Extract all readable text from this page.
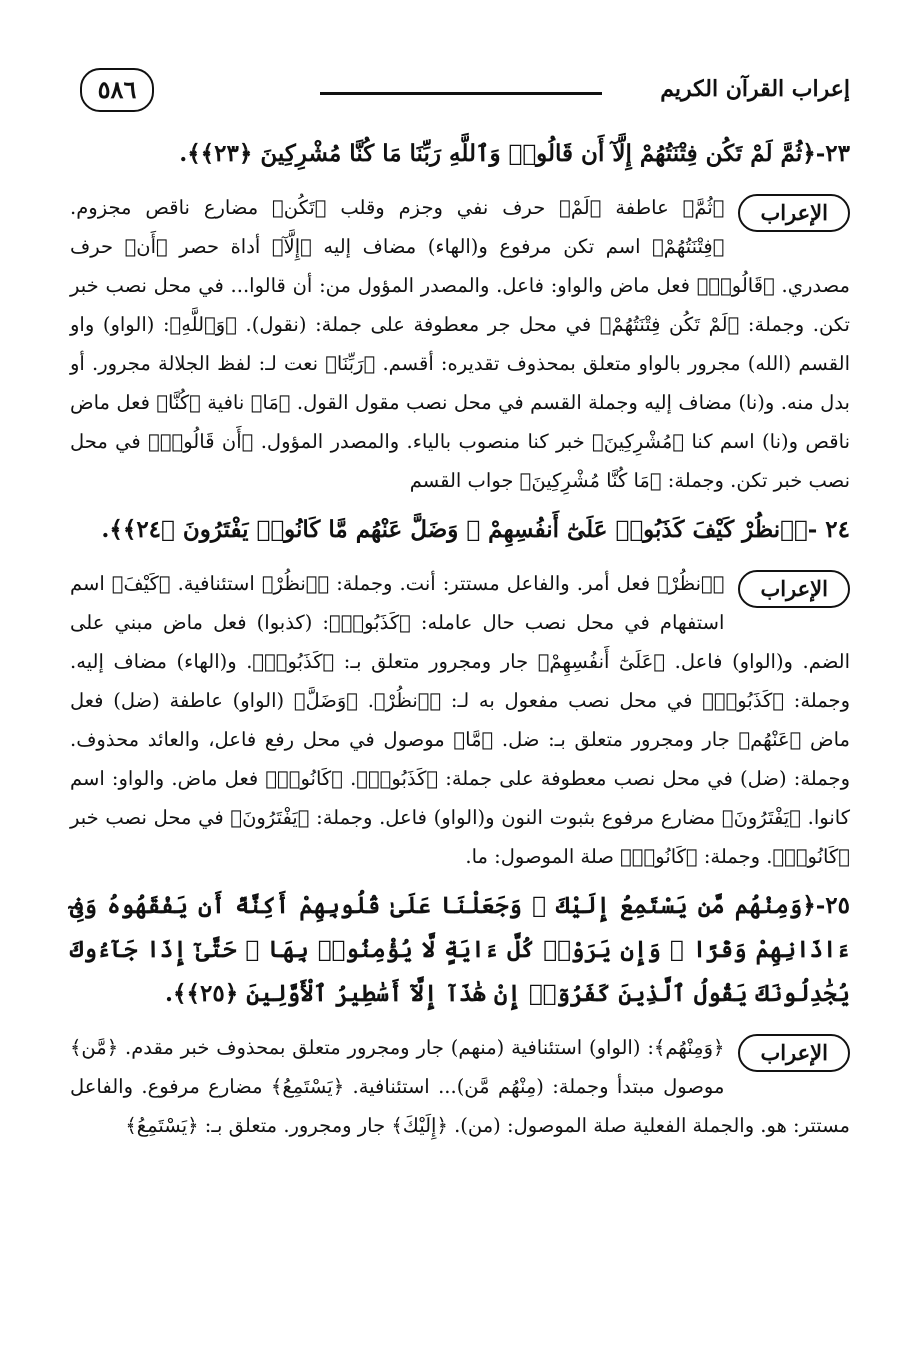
٥٨٦	إعراب القرآن الكريم
٢٣-﴿ثُمَّ لَمْ تَكُن فِتْنَتُهُمْ إِلَّآ أَن قَالُوا۟ وَٱللَّهِ رَبِّنَا مَا كُنَّا مُشْرِكِينَ ﴿٢٣﴾﴾.
الإعراب

﴿ثُمَّ﴾ عاطفة ﴿لَمْ﴾ حرف نفي وجزم وقلب ﴿تَكُن﴾ مضارع ناقص مجزوم. ﴿فِتْنَتُهُمْ﴾ اسم تكن مرفوع و(الهاء) مضاف إليه ﴿إِلَّآ﴾ أداة حصر ﴿أَن﴾ حرف مصدري. ﴿قَالُوا۟﴾ فعل ماض والواو: فاعل. والمصدر المؤول من: أن قالوا... في محل نصب خبر تكن. وجملة: ﴿لَمْ تَكُن فِتْنَتُهُمْ﴾ في محل جر معطوفة على جملة: (نقول). ﴿وَٱللَّهِ﴾: (الواو) واو القسم (الله) مجرور بالواو متعلق بمحذوف تقديره: أقسم. ﴿رَبِّنَا﴾ نعت لـ: لفظ الجلالة مجرور. أو بدل منه. و(نا) مضاف إليه وجملة القسم في محل نصب مقول القول. ﴿مَا﴾ نافية ﴿كُنَّا﴾ فعل ماض ناقص و(نا) اسم كنا ﴿مُشْرِكِينَ﴾ خبر كنا منصوب بالياء. والمصدر المؤول. ﴿أَن قَالُوا۟﴾ في محل نصب خبر تكن. وجملة: ﴿مَا كُنَّا مُشْرِكِينَ﴾ جواب القسم

٢٤ -﴿ٱنظُرْ كَيْفَ كَذَبُوا۟ عَلَىٰٓ أَنفُسِهِمْ ۚ وَضَلَّ عَنْهُم مَّا كَانُوا۟ يَفْتَرُونَ ﴿٢٤﴾﴾.
الإعراب

﴿ٱنظُرْ﴾ فعل أمر. والفاعل مستتر: أنت. وجملة: ﴿ٱنظُرْ﴾ استئنافية. ﴿كَيْفَ﴾ اسم استفهام في محل نصب حال عامله: ﴿كَذَبُوا۟﴾: (كذبوا) فعل ماض مبني على الضم. و(الواو) فاعل. ﴿عَلَىٰٓ أَنفُسِهِمْ﴾ جار ومجرور متعلق بـ: ﴿كَذَبُوا۟﴾. و(الهاء) مضاف إليه. وجملة: ﴿كَذَبُوا۟﴾ في محل نصب مفعول به لـ: ﴿ٱنظُرْ﴾. ﴿وَضَلَّ﴾ (الواو) عاطفة (ضل) فعل ماض ﴿عَنْهُم﴾ جار ومجرور متعلق بـ: ضل. ﴿مَّا﴾ موصول في محل رفع فاعل، والعائد محذوف. وجملة: (ضل) في محل نصب معطوفة على جملة: ﴿كَذَبُوا۟﴾. ﴿كَانُوا۟﴾ فعل ماض. والواو: اسم كانوا. ﴿يَفْتَرُونَ﴾ مضارع مرفوع بثبوت النون و(الواو) فاعل. وجملة: ﴿يَفْتَرُونَ﴾ في محل نصب خبر ﴿كَانُوا۟﴾. وجملة: ﴿كَانُوا۟﴾ صلة الموصول: ما.

٢٥-﴿وَمِنْهُم مَّن يَسْتَمِعُ إِلَيْكَ ۖ وَجَعَلْنَا عَلَىٰ قُلُوبِهِمْ أَكِنَّةً أَن يَفْقَهُوهُ وَفِىٓ ءَاذَانِهِمْ وَقْرًا ۚ وَإِن يَرَوْا۟ كُلَّ ءَايَةٍ لَّا يُؤْمِنُوا۟ بِهَا ۚ حَتَّىٰٓ إِذَا جَآءُوكَ يُجَٰدِلُونَكَ يَقُولُ ٱلَّذِينَ كَفَرُوٓا۟ إِنْ هَٰذَآ إِلَّآ أَسَٰطِيرُ ٱلْأَوَّلِينَ ﴿٢٥﴾﴾.
الإعراب

﴿وَمِنْهُم﴾: (الواو) استئنافية (منهم) جار ومجرور متعلق بمحذوف خبر مقدم. ﴿مَّن﴾ موصول مبتدأ وجملة: (مِنْهُم مَّن)... استئنافية. ﴿يَسْتَمِعُ﴾ مضارع مرفوع. والفاعل مستتر: هو. والجملة الفعلية صلة الموصول: (من). ﴿إِلَيْكَ﴾ جار ومجرور. متعلق بـ: ﴿يَسْتَمِعُ﴾
